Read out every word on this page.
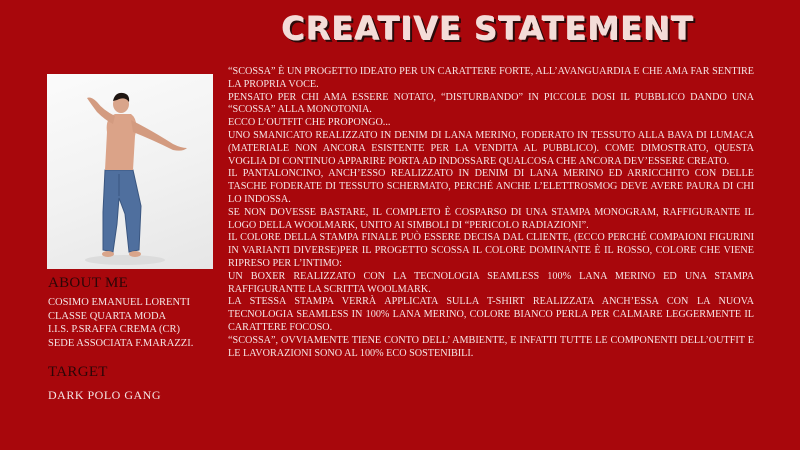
CREATIVE STATEMENT
ABOUT ME
COSIMO EMANUEL LORENTI
CLASSE QUARTA MODA
I.I.S. P.SRAFFA CREMA (CR)
SEDE ASSOCIATA F.MARAZZI.
TARGET
DARK POLO GANG

“SCOSSA” È UN PROGETTO IDEATO PER UN CARATTERE FORTE, ALL’AVANGUARDIA E CHE AMA FAR SENTIRE LA PROPRIA VOCE.

PENSATO PER CHI AMA ESSERE NOTATO, “DISTURBANDO” IN PICCOLE DOSI IL PUBBLICO DANDO UNA “SCOSSA” ALLA MONOTONIA.

ECCO L’OUTFIT CHE PROPONGO...

UNO SMANICATO REALIZZATO IN DENIM DI LANA MERINO, FODERATO IN TESSUTO ALLA BAVA DI LUMACA (MATERIALE NON ANCORA ESISTENTE PER LA VENDITA AL PUBBLICO). COME DIMOSTRATO, QUESTA VOGLIA DI CONTINUO APPARIRE PORTA AD INDOSSARE QUALCOSA CHE ANCORA DEV’ESSERE CREATO.

IL PANTALONCINO, ANCH’ESSO REALIZZATO IN DENIM DI LANA MERINO ED ARRICCHITO CON DELLE TASCHE FODERATE DI TESSUTO SCHERMATO, PERCHÉ ANCHE L’ELETTROSMOG DEVE AVERE PAURA DI CHI LO INDOSSA.

SE NON DOVESSE BASTARE, IL COMPLETO È COSPARSO DI UNA STAMPA MONOGRAM, RAFFIGURANTE IL LOGO DELLA WOOLMARK, UNITO AI SIMBOLI DI “PERICOLO RADIAZIONI”.

IL COLORE DELLA STAMPA FINALE PUÒ ESSERE DECISA DAL CLIENTE, (ECCO PERCHÉ COMPAIONI FIGURINI IN VARIANTI DIVERSE)PER IL PROGETTO SCOSSA IL COLORE DOMINANTE È IL ROSSO, COLORE CHE VIENE RIPRESO PER L’INTIMO:

UN BOXER REALIZZATO CON LA TECNOLOGIA SEAMLESS 100% LANA MERINO ED UNA STAMPA RAFFIGURANTE LA SCRITTA WOOLMARK.

LA STESSA STAMPA VERRÀ APPLICATA SULLA T-SHIRT REALIZZATA ANCH’ESSA CON LA NUOVA TECNOLOGIA SEAMLESS IN 100% LANA MERINO, COLORE BIANCO PERLA PER CALMARE LEGGERMENTE IL CARATTERE FOCOSO.

“SCOSSA”, OVVIAMENTE TIENE CONTO DELL’ AMBIENTE, E INFATTI TUTTE LE COMPONENTI DELL’OUTFIT E LE LAVORAZIONI SONO AL 100% ECO SOSTENIBILI.
